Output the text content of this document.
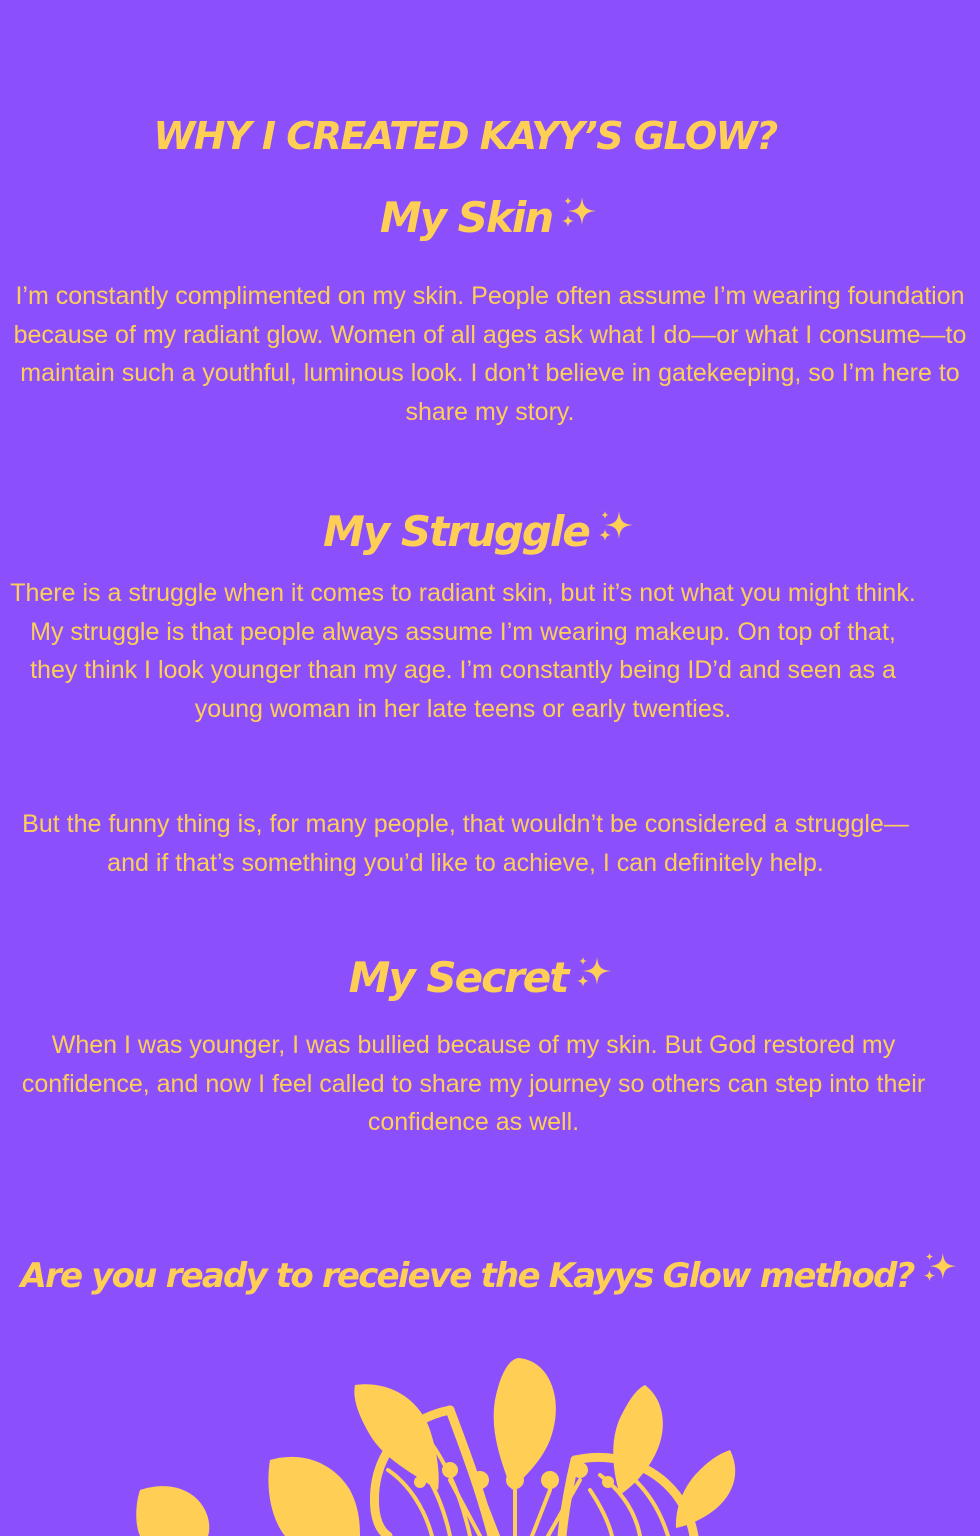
WHY I CREATED KAYY’S GLOW?
My Skin

I’m constantly complimented on my skin. People often assume I’m wearing foundation because of my radiant glow. Women of all ages ask what I do—or what I consume—to maintain such a youthful, luminous look. I don’t believe in gatekeeping, so I’m here to share my story.

My Struggle

There is a struggle when it comes to radiant skin, but it’s not what you might think. My struggle is that people always assume I’m wearing makeup. On top of that, they think I look younger than my age. I’m constantly being ID’d and seen as a young woman in her late teens or early twenties.

But the funny thing is, for many people, that wouldn’t be considered a struggle—and if that’s something you’d like to achieve, I can definitely help.

My Secret

When I was younger, I was bullied because of my skin. But God restored my confidence, and now I feel called to share my journey so others can step into their confidence as well.

Are you ready to receieve the Kayys Glow method?
